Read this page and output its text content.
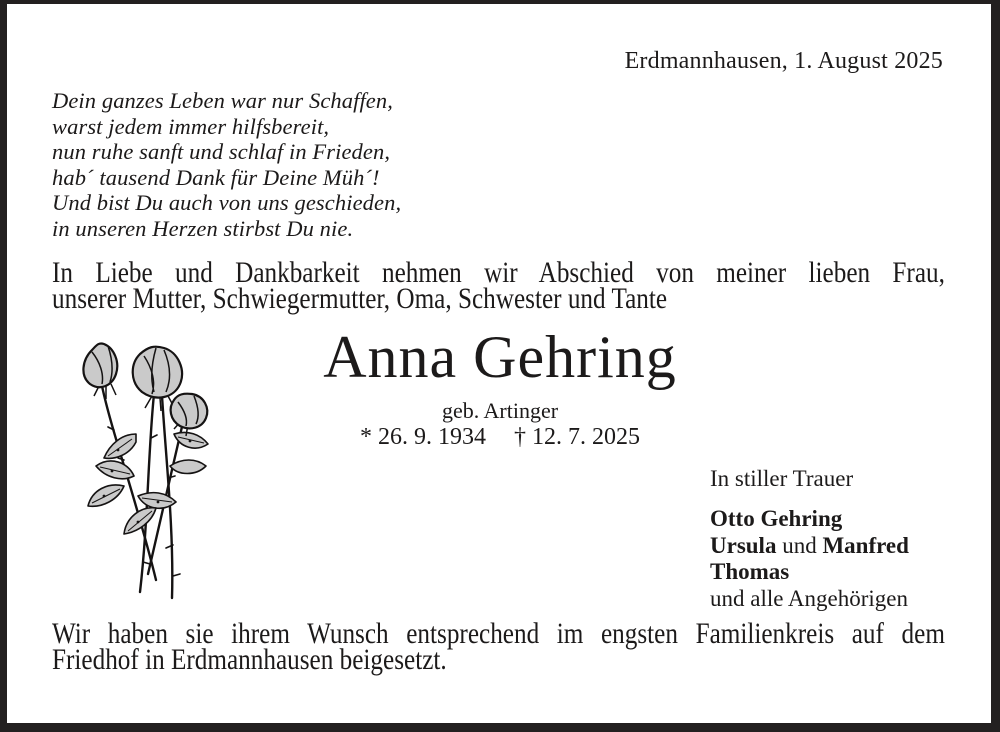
Erdmannhausen, 1. August 2025
Dein ganzes Leben war nur Schaffen,
warst jedem immer hilfsbereit,
nun ruhe sanft und schlaf in Frieden,
hab´ tausend Dank für Deine Müh´!
Und bist Du auch von uns geschieden,
in unseren Herzen stirbst Du nie.
In Liebe und Dankbarkeit nehmen wir Abschied von meiner lieben Frau,
unserer Mutter, Schwiegermutter, Oma, Schwester und Tante
Anna Gehring
geb. Artinger
* 26. 9. 1934 † 12. 7. 2025

In stiller Trauer

Otto Gehring
Ursula und Manfred
Thomas
und alle Angehörigen
Wir haben sie ihrem Wunsch entsprechend im engsten Familienkreis auf dem
Friedhof in Erdmannhausen beigesetzt.
